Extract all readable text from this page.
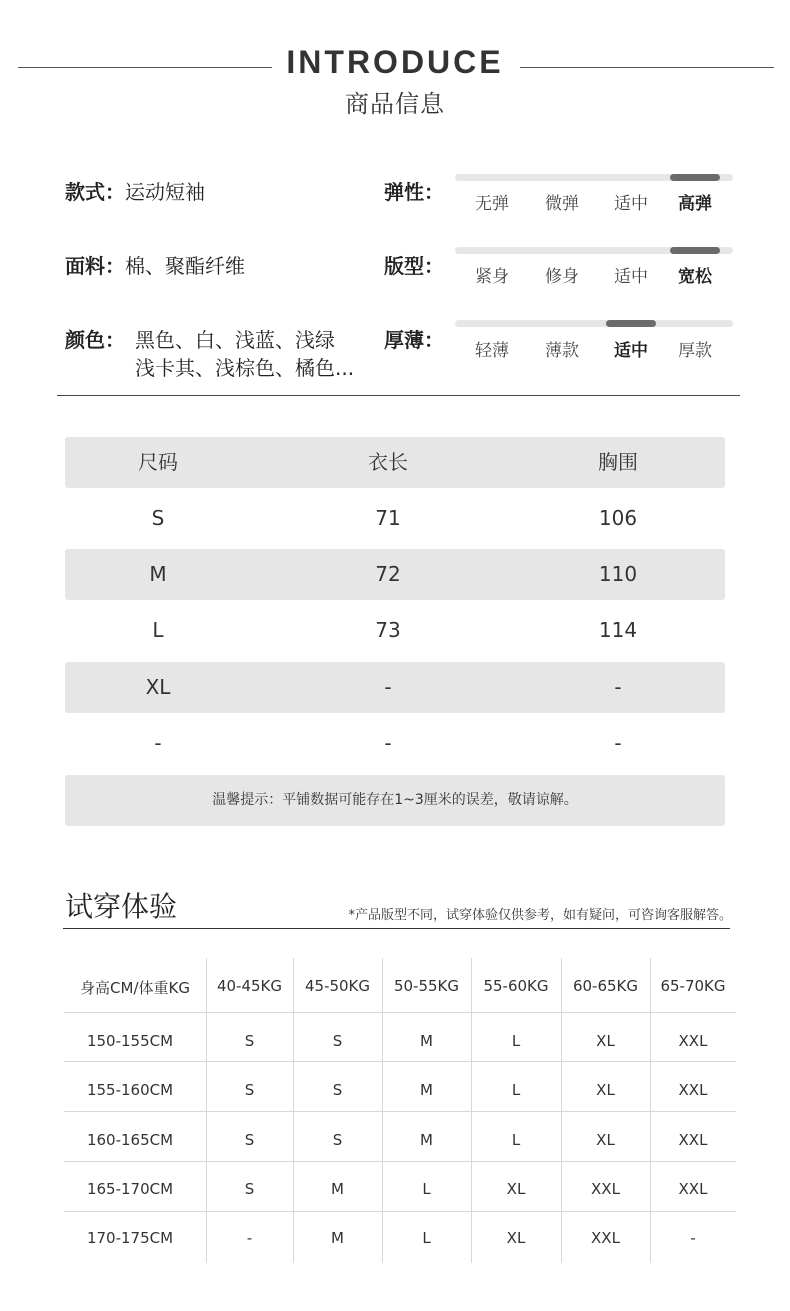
INTRODUCE
商品信息
款式：运动短袖
面料：棉、聚酯纤维
颜色： 黑色、白、浅蓝、浅绿
浅卡其、浅棕色、橘色...
弹性：	无弹	微弹	适中	高弹
版型：	紧身	修身	适中	宽松
厚薄：	轻薄	薄款	适中	厚款
尺码	衣长	胸围
S	71	106
M	72	110
L	73	114
XL	-	-
-	-	-
温馨提示：平铺数据可能存在1~3厘米的误差，敬请谅解。
试穿体验	*产品版型不同，试穿体验仅供参考，如有疑问，可咨询客服解答。
身高CM/体重KG	40-45KG	45-50KG	50-55KG	55-60KG	60-65KG	65-70KG
150-155CM	S	S	M	L	XL	XXL
155-160CM	S	S	M	L	XL	XXL
160-165CM	S	S	M	L	XL	XXL
165-170CM	S	M	L	XL	XXL	XXL
170-175CM	-	M	L	XL	XXL	-
